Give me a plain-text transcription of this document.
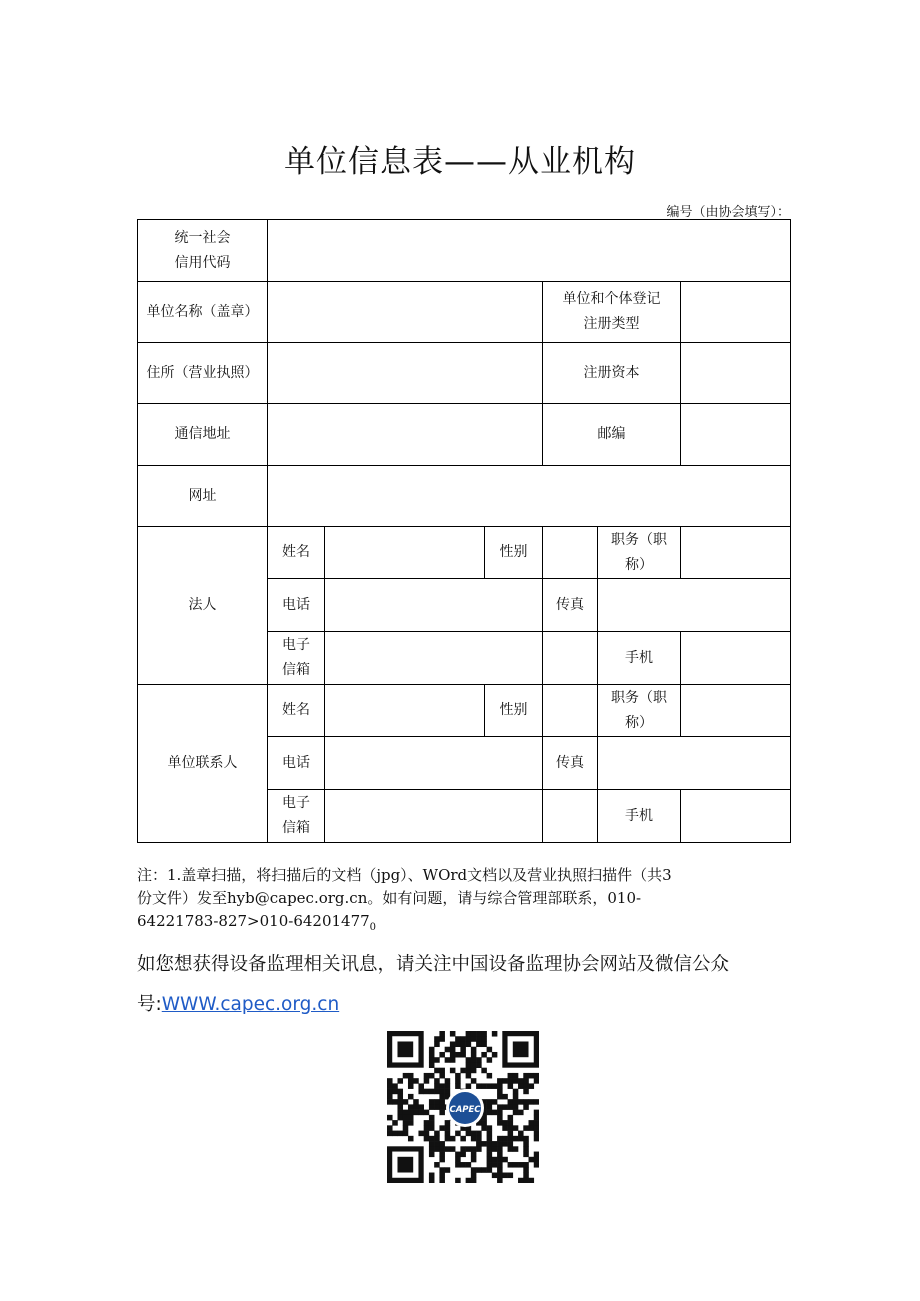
单位信息表——从业机构
编号（由协会填写）：
统一社会
信用代码						
单位名称（盖章）				单位和个体登记
注册类型		
住所（营业执照）				注册资本		
通信地址				邮编		
网址						
法人	姓名		性别		职务（职
称）	
	电话			传真		
	电子
信箱				手机	
单位联系人	姓名		性别		职务（职
称）	
	电话			传真		
	电子
信箱				手机	
注：1.盖章扫描，将扫描后的文档（jpg）、WOrd文档以及营业执照扫描件（共3
份文件）发至hyb@capec.org.cn。如有问题，请与综合管理部联系，010-
$64221783-827>010-64201477_0$
如您想获得设备监理相关讯息，请关注中国设备监理协会网站及微信公众
号:WWW.capec.org.cn
CAPEC
